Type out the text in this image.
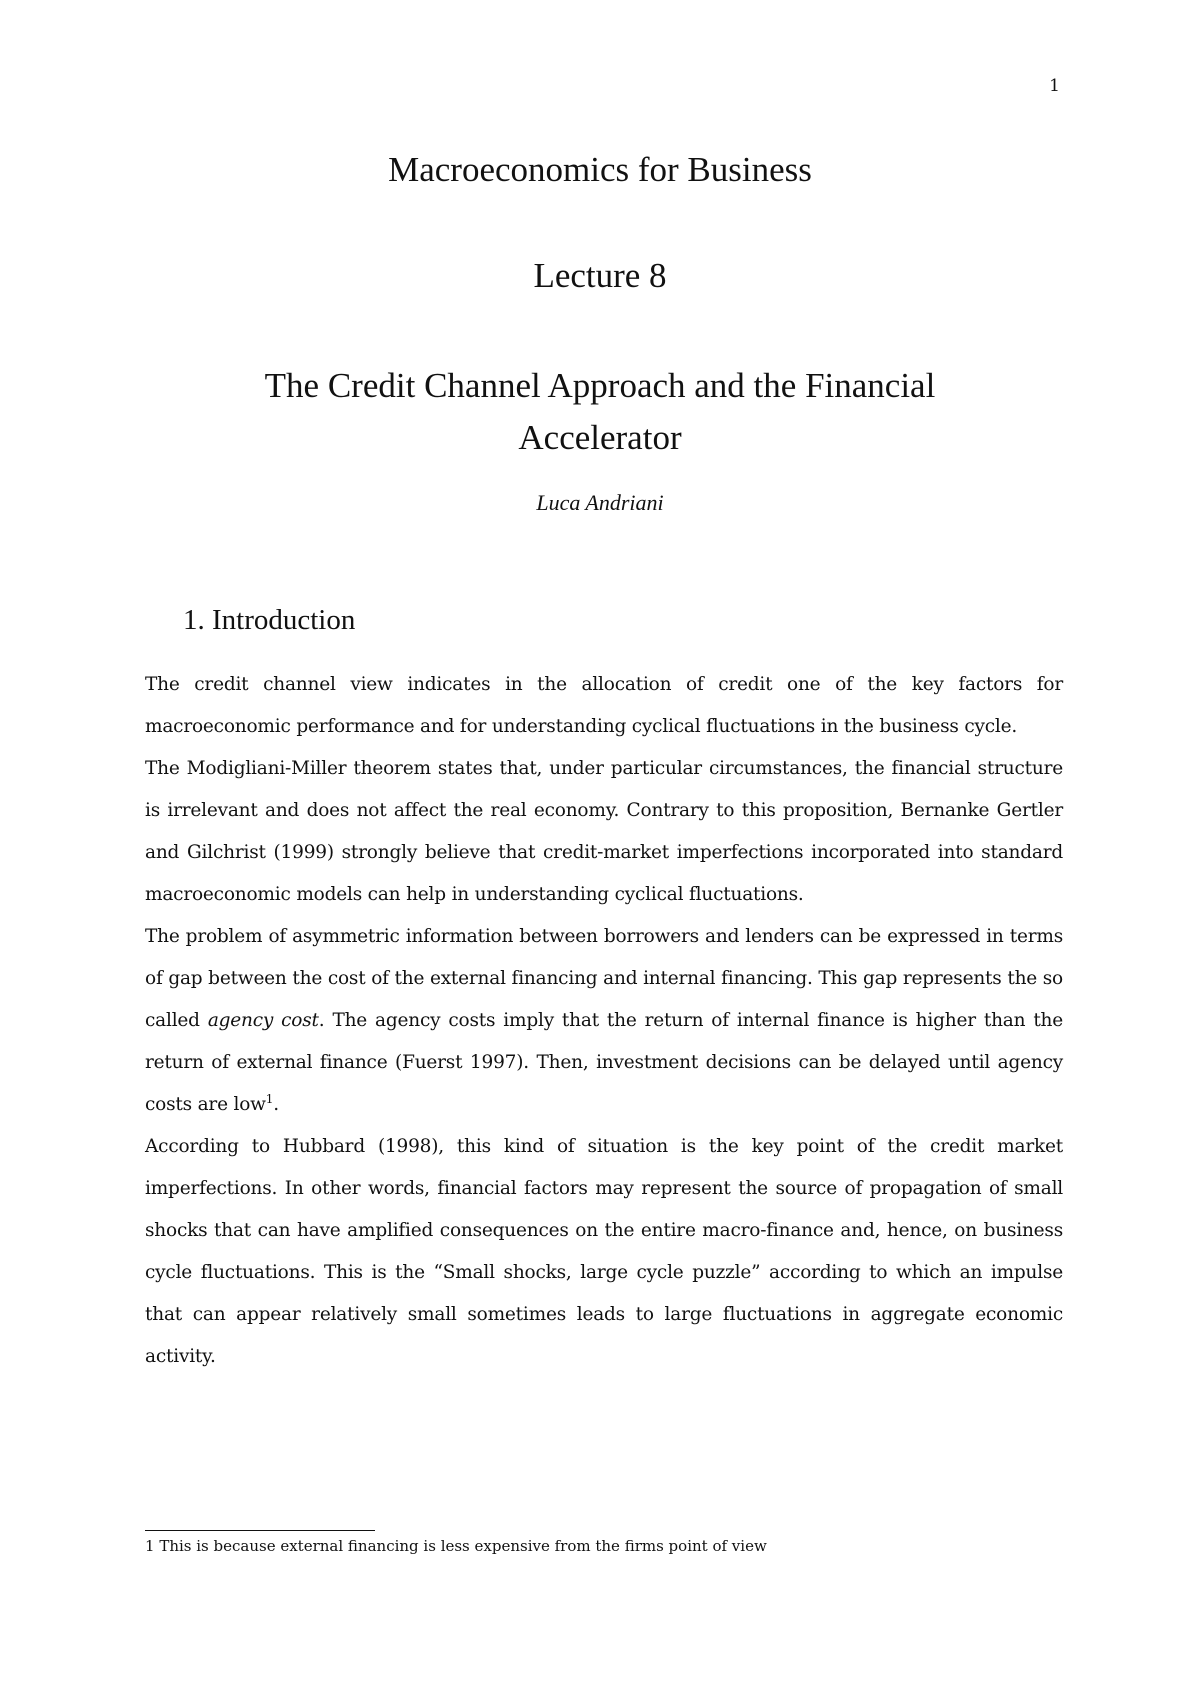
1
Macroeconomics for Business
Lecture 8
The Credit Channel Approach and the Financial
Accelerator
Luca Andriani
1. Introduction

The credit channel view indicates in the allocation of credit one of the key factors for macroeconomic performance and for understanding cyclical fluctuations in the business cycle.

The Modigliani-Miller theorem states that, under particular circumstances, the financial structure is irrelevant and does not affect the real economy. Contrary to this proposition, Bernanke Gertler and Gilchrist (1999) strongly believe that credit-market imperfections incorporated into standard macroeconomic models can help in understanding cyclical fluctuations.

The problem of asymmetric information between borrowers and lenders can be expressed in terms of gap between the cost of the external financing and internal financing. This gap represents the so called agency cost. The agency costs imply that the return of internal finance is higher than the return of external finance (Fuerst 1997). Then, investment decisions can be delayed until agency costs are low$^1$.

According to Hubbard (1998), this kind of situation is the key point of the credit market imperfections. In other words, financial factors may represent the source of propagation of small shocks that can have amplified consequences on the entire macro-finance and, hence, on business cycle fluctuations. This is the “Small shocks, large cycle puzzle” according to which an impulse that can appear relatively small sometimes leads to large fluctuations in aggregate economic activity.

1 This is because external financing is less expensive from the firms point of view
